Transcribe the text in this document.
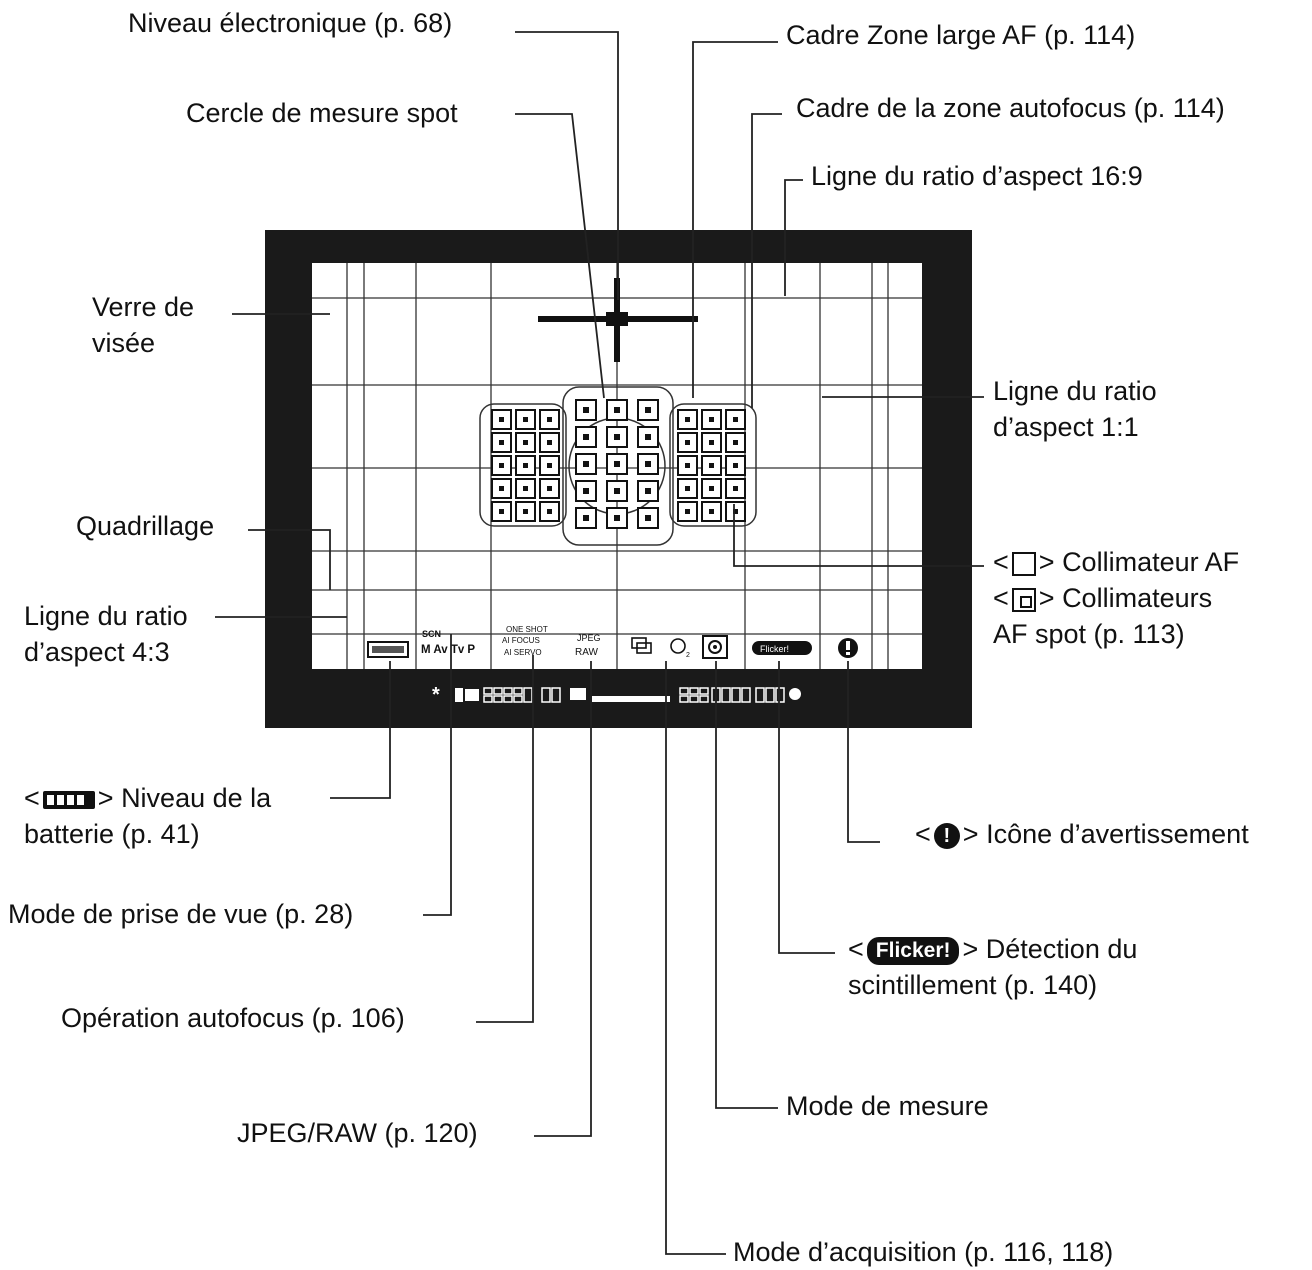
SCN
M Av Tv P
ONE SHOT
AI FOCUS
AI SERVO
JPEG
RAW	2
Flicker!
*
Niveau électronique (p. 68)	Cadre Zone large AF (p. 114)
Cercle de mesure spot	Cadre de la zone autofocus (p. 114)
Ligne du ratio d’aspect 16:9
Verre de
visée
Ligne du ratio
d’aspect 1:1
Quadrillage
< > Collimateur AF
< > Collimateurs
AF spot (p. 113)
Ligne du ratio
d’aspect 4:3
< > Niveau de la
batterie (p. 41)	< ! > Icône d’avertissement
Mode de prise de vue (p. 28)
< Flicker! > Détection du
scintillement (p. 140)
Opération autofocus (p. 106)
Mode de mesure
JPEG/RAW (p. 120)
Mode d’acquisition (p. 116, 118)
